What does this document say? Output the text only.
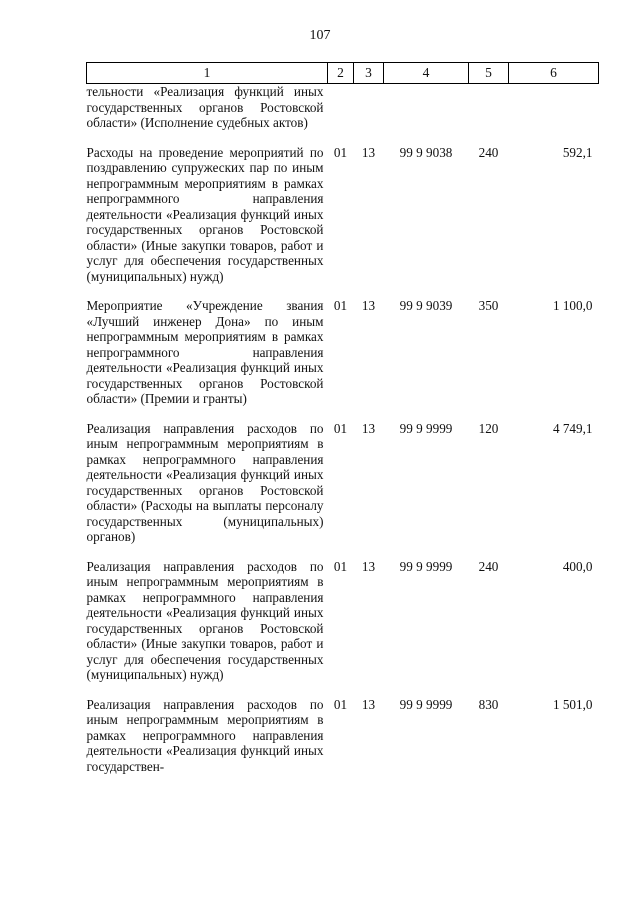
107
1	2	3	4	5	6
тельности «Реализация функций иных государственных органов Ростовской области» (Исполнение судебных актов)					
Расходы на проведение мероприятий по поздравлению супружеских пар по иным непрограммным мероприятиям в рамках непрограммного направления деятельности «Реализация функций иных государственных органов Ростовской области» (Иные закупки товаров, работ и услуг для обеспечения государственных (муниципальных) нужд)	01	13	99 9 9038	240	592,1
Мероприятие «Учреждение звания «Лучший инженер Дона» по иным непрограммным мероприятиям в рамках непрограммного направления деятельности «Реализация функций иных государственных органов Ростовской области» (Премии и гранты)	01	13	99 9 9039	350	1 100,0
Реализация направления расходов по иным непрограммным мероприятиям в рамках непрограммного направления деятельности «Реализация функций иных государственных органов Ростовской области» (Расходы на выплаты персоналу государственных (муниципальных) органов)	01	13	99 9 9999	120	4 749,1
Реализация направления расходов по иным непрограммным мероприятиям в рамках непрограммного направления деятельности «Реализация функций иных государственных органов Ростовской области» (Иные закупки товаров, работ и услуг для обеспечения государственных (муниципальных) нужд)	01	13	99 9 9999	240	400,0
Реализация направления расходов по иным непрограммным мероприятиям в рамках непрограммного направления деятельности «Реализация функций иных государствен-	01	13	99 9 9999	830	1 501,0
